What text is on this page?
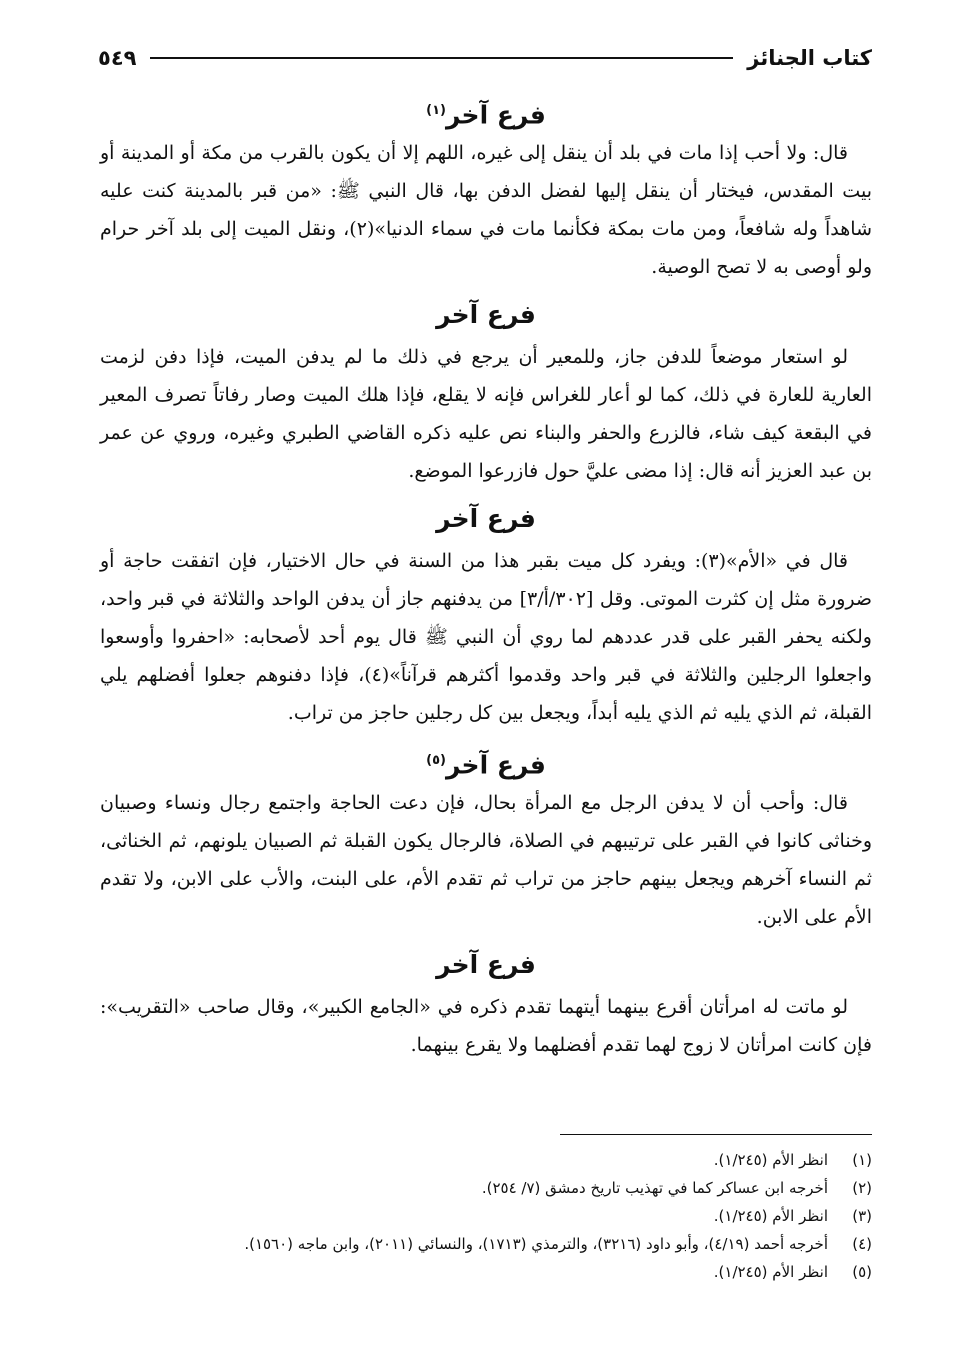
كتاب الجنائز
٥٤٩
فرع آخر$^{(١)}$

قال: ولا أحب إذا مات في بلد أن ينقل إلى غيره، اللهم إلا أن يكون بالقرب من مكة أو المدينة أو بيت المقدس، فيختار أن ينقل إليها لفضل الدفن بها، قال النبي ﷺ: «من قبر بالمدينة كنت عليه شاهداً وله شافعاً، ومن مات بمكة فكأنما مات في سماء الدنيا»(٢)، ونقل الميت إلى بلد آخر حرام ولو أوصى به لا تصح الوصية.

فرع آخر

لو استعار موضعاً للدفن جاز، وللمعير أن يرجع في ذلك ما لم يدفن الميت، فإذا دفن لزمت العارية للعارة في ذلك، كما لو أعار للغراس فإنه لا يقلع، فإذا هلك الميت وصار رفاتاً تصرف المعير في البقعة كيف شاء، فالزرع والحفر والبناء نص عليه ذكره القاضي الطبري وغيره، وروي عن عمر بن عبد العزيز أنه قال: إذا مضى عليَّ حول فازرعوا الموضع.

فرع آخر

قال في «الأم»(٣): ويفرد كل ميت بقبر هذا من السنة في حال الاختيار، فإن اتفقت حاجة أو ضرورة مثل إن كثرت الموتى. وقل [٣٠٢/أ/٣] من يدفنهم جاز أن يدفن الواحد والثلاثة في قبر واحد، ولكنه يحفر القبر على قدر عددهم لما روي أن النبي ﷺ قال يوم أحد لأصحابه: «احفروا وأوسعوا واجعلوا الرجلين والثلاثة في قبر واحد وقدموا أكثرهم قرآناً»(٤)، فإذا دفنوهم جعلوا أفضلهم يلي القبلة، ثم الذي يليه ثم الذي يليه أبداً، ويجعل بين كل رجلين حاجز من تراب.

فرع آخر$^{(٥)}$

قال: وأحب أن لا يدفن الرجل مع المرأة بحال، فإن دعت الحاجة واجتمع رجال ونساء وصبيان وخناثى كانوا في القبر على ترتيبهم في الصلاة، فالرجال يكون القبلة ثم الصبيان يلونهم، ثم الخناثى، ثم النساء آخرهم ويجعل بينهم حاجز من تراب ثم تقدم الأم، على البنت، والأب على الابن، ولا تقدم الأم على الابن.

فرع آخر

لو ماتت له امرأتان أقرع بينهما أيتهما تقدم ذكره في «الجامع الكبير»، وقال صاحب «التقريب»: فإن كانت امرأتان لا زوج لهما تقدم أفضلهما ولا يقرع بينهما.

(١)
انظر الأم (١/٢٤٥).
(٢)
أخرجه ابن عساكر كما في تهذيب تاريخ دمشق (٧/ ٢٥٤).
(٣)
انظر الأم (١/٢٤٥).
(٤)
أخرجه أحمد (٤/١٩)، وأبو داود (٣٢١٦)، والترمذي (١٧١٣)، والنسائي (٢٠١١)، وابن ماجه (١٥٦٠).
(٥)
انظر الأم (١/٢٤٥).
